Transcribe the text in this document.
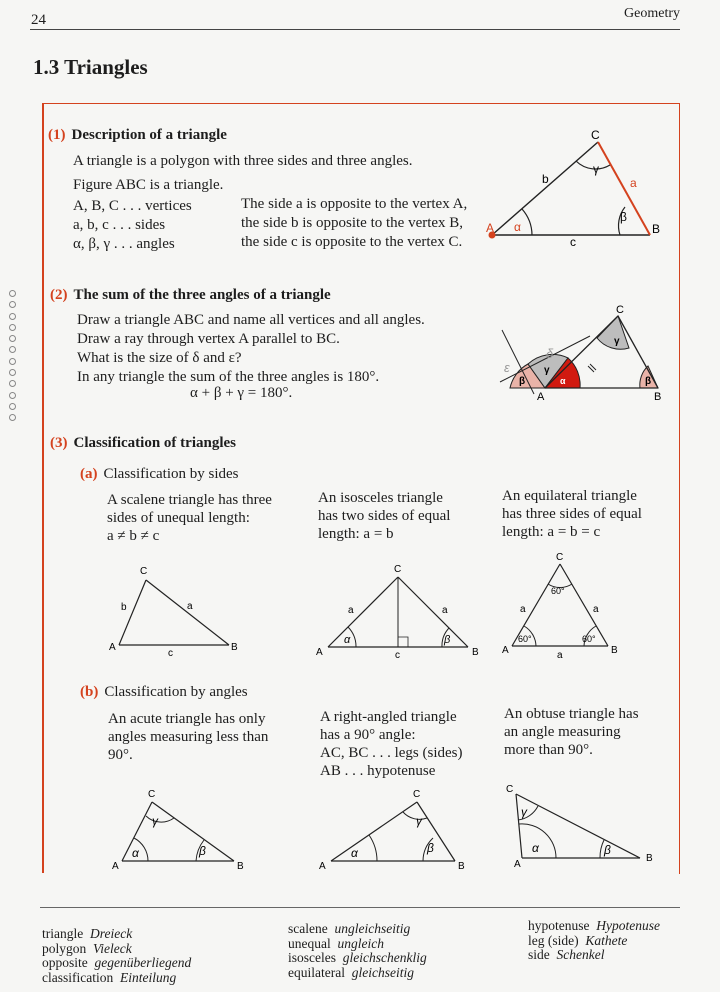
24	Geometry
1.3 Triangles
(1) Description of a triangle
A triangle is a polygon with three sides and three angles.
Figure ABC is a triangle.
A, B, C . . . vertices
a, b, c . . . sides
α, β, γ . . . angles
The side a is opposite to the vertex A,
the side b is opposite to the vertex B,
the side c is opposite to the vertex C.
A	B
C
a
b
c
α
β
γ
(2) The sum of the three angles of a triangle
Draw a triangle ABC and name all vertices and all angles.
Draw a ray through vertex A parallel to BC.
What is the size of δ and ε?
In any triangle the sum of the three angles is 180°.
α + β + γ = 180°.	A	B
C
β
γ
α
γ
β
δ
ε
(3) Classification of triangles
(a) Classification by sides
A scalene triangle has three
sides of unequal length:
a ≠ b ≠ c
An isosceles triangle
has two sides of equal
length: a = b
An equilateral triangle
has three sides of equal
length: a = b = c
A	B
C
a
b
c	A	B
C
a	a
c
α	β
A	B
C
a	a
a
60°
60°	60°
(b) Classification by angles
An acute triangle has only
angles measuring less than
90°.
A right-angled triangle
has a 90° angle:
AC, BC . . . legs (sides)
AB . . . hypotenuse
An obtuse triangle has
an angle measuring
more than 90°.
A	B
C
α	β
γ
A	B
C
α	β
γ
A
B
C
α	β
γ
triangle Dreieck
polygon Vieleck
opposite gegenüberliegend
classification Einteilung
scalene ungleichseitig
unequal ungleich
isosceles gleichschenklig
equilateral gleichseitig
hypotenuse Hypotenuse
leg (side) Kathete
side Schenkel
